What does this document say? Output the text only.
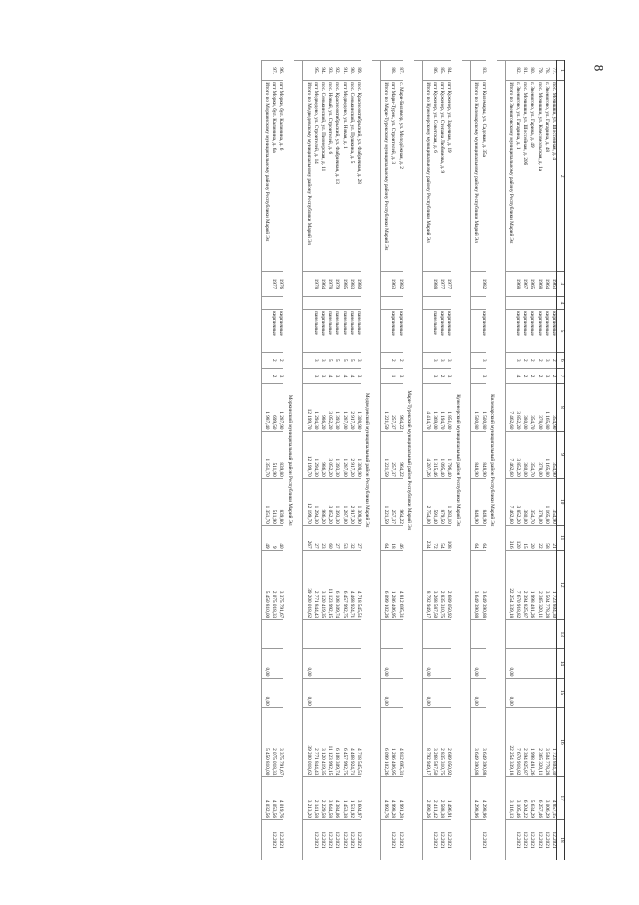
8
1	2	3	4	5	6	7	8	9	10	11	12	13	14	15	16	17	18
77.	пос. Мочишки, ул. Шоссейная, д. 4	1963		кирпичные	2	2	354,90	354,90	354,90	21	1 723 804,30				1 723 804,30	4 857,15	12.2021
78.	г. Звенигово, ул. Гагарина, д. 48	1964		кирпичные	3	3	1 165,80	1 165,80	1 165,80	58	3 504 778,28				3 504 778,28	3 006,29	12.2021
79.	пос. Мочишки, ул. Комсомольская, д. 1а	1968		кирпичные	2	2	378,00	378,00	378,00	22	2 365 320,11				2 365 320,11	6 257,46	12.2021
80.	г. Звенигово, ул. Гарина, д. 49	1965		кирпичные	2	2	354,70	354,70	354,70	20	1 998 481,26				1 998 481,26	5 634,29	12.2021
81.	пос. Мочишки, ул. Шоссейная, д. 20б	1967		кирпичные	2	2	380,00	380,00	380,00	15	2 394 825,87				2 394 825,87	6 204,22	12.2021
82.	г. Звенигово, ул. Гагарина, д. 1	1968		кирпичные	3	4	3 852,20	3 852,20	3 852,20	120	7 670 918,82				7 670 918,82	3 105,46	12.2021
	Итого по Звениговскому муниципальному району Республики Марий Эл						7 462,60	7 462,60	7 462,60	316	22 254 339,18		0,00	0,00	22 254 339,18	3 116,13	

Килемарский муниципальный район Республики Марий Эл																	
83.	пгт Килемары, ул. Садовая, д. 35а	1982		кирпичные	3	3	1 500,80	848,90	848,90	64	3 649 390,88				3 649 390,88	4 298,96	12.2021
	Итого по Килемарскому муниципальному району Республики Марий Эл						1 500,80	848,90	848,90	64	3 649 390,88		0,00	0,00	3 649 390,88	4 298,96	

Куженерский муниципальный район Республики Марий Эл																	
84.	пгт Куженер, ул. Заречная, д. 19	1977		кирпичные	3	3	1 851,00	1 796,40	1 283,10	108	2 689 050,92				2 689 050,92	1 496,91	12.2021
85.	пгт Куженер, ул. Степана Любимова, д. 9	1977		кирпичные	3	2	1 194,70	1 095,40	879,50	54	2 835 310,75				2 835 310,75	2 588,38	12.2021
86.	пгт Куженер, ул. Советская, д. 6	1988		панельные	3	3	1 369,00	1 315,46	591,40	72	3 268 587,50				3 268 587,50	2 411,42	12.2021
	Итого по Куженерскому муниципальному району Республики Марий Эл						4 414,70	4 207,26	2 754,00	234	8 792 949,17		0,00	0,00	8 792 949,17	2 090,26	

Мари-Турекский муниципальный район Республики Марий Эл																	
87.	с. Мари-Билямор, ул. Молодёжная, д. 2	1982		кирпичные	2	3	964,22	964,22	964,22	46	4 812 695,31				4 812 695,31	4 991,28	12.2021
88.	пгт Мари-Турек, ул. Строителей, д. 3	1963		кирпичные	2	1	257,37	257,37	257,37	18	1 286 406,95				1 286 406,95	4 998,28	12.2021
	Итого по Мари-Турекскому муниципальному району Республики Марий Эл						1 221,59	1 221,59	1 221,59	64	6 099 102,26		0,00	0,00	6 099 102,26	4 992,76	

Медведевский муниципальный район Республики Марий Эл																	
89.	пос. Краснооктябрьский, ул. Фабричная, д. 28	1980		панельные	3	3	1 308,90	1 308,90	1 308,90	27	4 718 545,51				4 718 545,51	3 604,97	12.2021
90.	пос. Сенькинский, ул. Пушкина, д. 5	1983		панельные	5	4	2 917,20	2 917,20	2 917,20	32	4 468 924,71				4 468 924,71	1 531,92	12.2021
91.	пгт Медведево, ул. Новая, д. 1	1985		панельные	5	4	1 287,00	1 287,00	1 287,00	53	6 457 992,75				6 457 992,75	1 453,38	12.2021
92.	пос. Краснооктябрьский, ул. Фабричная, д. 13	1979		панельные	5	3	1 393,30	1 393,30	1 393,30	27	6 108 309,74				6 108 309,74	4 384,06	12.2021
93.	пос. Новый, ул. Строителей, д. 6	1978		панельные	5	4	3 052,20	3 052,20	3 052,20	60	11 123 992,15				11 123 992,15	3 644,58	12.2021
94.	пос. Сенькинский, ул. Пионерская, д. 11	1964		кирпичные	3	3	986,20	986,20	986,20	23	3 120 419,35				3 120 419,35	2 229,58	12.2021
95.	пгт Медведево, ул. Строителей, д. 14	1978		панельные	3	3	1 294,30	1 294,30	1 294,30	27	2 771 844,43				2 771 844,43	2 141,58	12.2021
	Итого по Медведевскому муниципальному району Республики Марий Эл						12 199,70	12 199,70	12 199,70	267	39 200 018,62		0,00	0,00	39 200 018,62	3 213,20	

Моркинский муниципальный район Республики Марий Эл																	
96.	пгт Морки, бул. Калинина, д. 6	1976		кирпичные	2	3	1 287,90	839,80	839,80	40	3 375 791,67				3 375 791,67	4 019,76	12.2021
97.	пгт Морки, бул. Калинина, д. 6а	1977		кирпичные	2	2	699,50	511,90	511,90	9	2 075 018,33				2 075 018,33	4 053,56	12.2021
	Итого по Моркинскому муниципальному району Республики Марий Эл						1 987,40	1 351,70	1 351,70	49	5 450 810,00		0,00	0,00	5 450 810,00	4 032,56	
